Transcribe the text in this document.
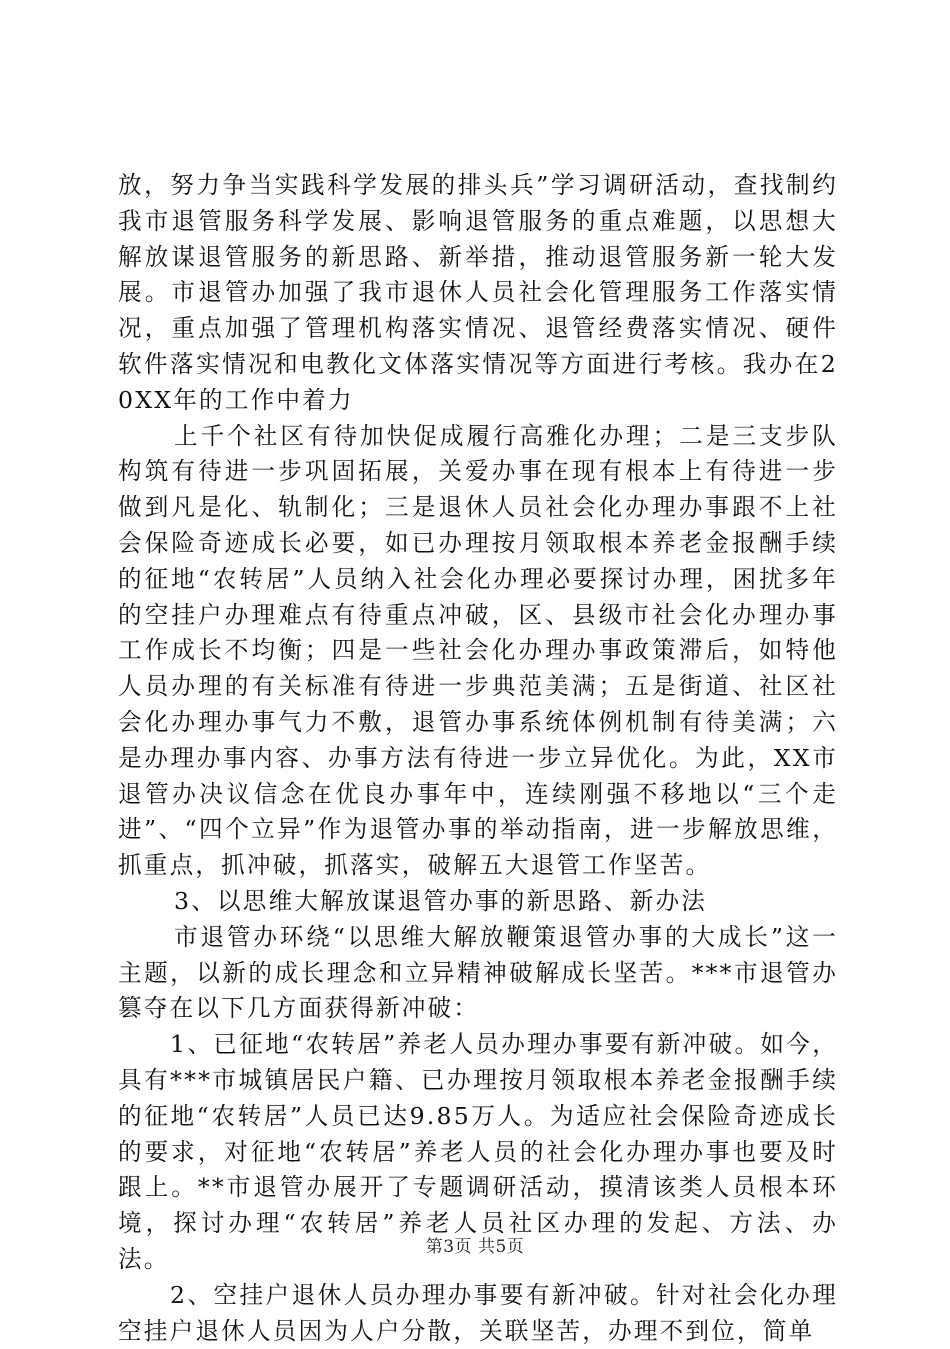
放，努力争当实践科学发展的排头兵”学习调研活动，查找制约我市退管服务科学发展、影响退管服务的重点难题，以思想大解放谋退管服务的新思路、新举措，推动退管服务新一轮大发展。市退管办加强了我市退休人员社会化管理服务工作落实情况，重点加强了管理机构落实情况、退管经费落实情况、硬件软件落实情况和电教化文体落实情况等方面进行考核。我办在20XX年的工作中着力

上千个社区有待加快促成履行高雅化办理；二是三支步队构筑有待进一步巩固拓展，关爱办事在现有根本上有待进一步做到凡是化、轨制化；三是退休人员社会化办理办事跟不上社会保险奇迹成长必要，如已办理按月领取根本养老金报酬手续的征地“农转居”人员纳入社会化办理必要探讨办理，困扰多年的空挂户办理难点有待重点冲破，区、县级市社会化办理办事工作成长不均衡；四是一些社会化办理办事政策滞后，如特他人员办理的有关标准有待进一步典范美满；五是街道、社区社会化办理办事气力不敷，退管办事系统体例机制有待美满；六是办理办事内容、办事方法有待进一步立异优化。为此，XX市退管办决议信念在优良办事年中，连续刚强不移地以“三个走进”、“四个立异”作为退管办事的举动指南，进一步解放思维，抓重点，抓冲破，抓落实，破解五大退管工作坚苦。

3、以思维大解放谋退管办事的新思路、新办法

市退管办环绕“以思维大解放鞭策退管办事的大成长”这一主题，以新的成长理念和立异精神破解成长坚苦。***市退管办篡夺在以下几方面获得新冲破：

1、已征地“农转居”养老人员办理办事要有新冲破。如今，具有***市城镇居民户籍、已办理按月领取根本养老金报酬手续的征地“农转居”人员已达9.85万人。为适应社会保险奇迹成长的要求，对征地“农转居”养老人员的社会化办理办事也要及时跟上。**市退管办展开了专题调研活动，摸清该类人员根本环境，探讨办理“农转居”养老人员社区办理的发起、方法、办法。

2、空挂户退休人员办理办事要有新冲破。针对社会化办理空挂户退休人员因为人户分散，关联坚苦，办理不到位，简单

第3页 共5页
